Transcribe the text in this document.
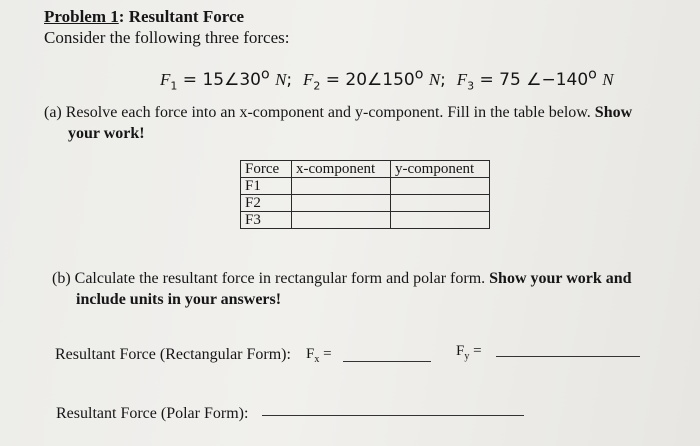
Problem 1: Resultant Force
Consider the following three forces:
$F_1$ = $15\angle 30^o$ N; $F_2$ = $20\angle 150^o$ N; $F_3 = 75$ $\angle-140^o$ N
(a) Resolve each force into an x-component and y-component. Fill in the table below. Show
your work!
Force	x-component	y-component
F1		
F2		
F3		
(b) Calculate the resultant force in rectangular form and polar form. Show your work and
include units in your answers!
Resultant Force (Rectangular Form): $F_x$ =	$F_y$ =
Resultant Force (Polar Form):
